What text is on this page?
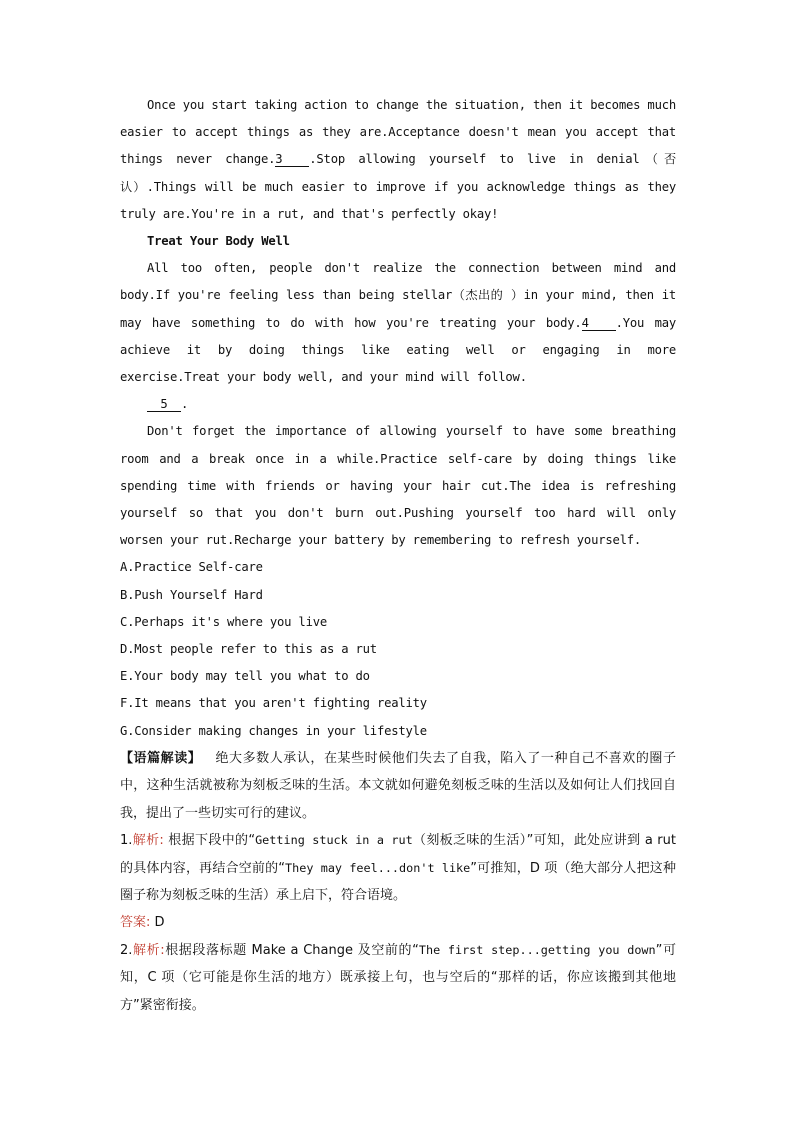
Once you start taking action to change the situation, then it becomes much easier to accept things as they are.Acceptance doesn't mean you accept that things never change.3 .Stop allowing yourself to live in denial（否认）.Things will be much easier to improve if you acknowledge things as they truly are.You're in a rut, and that's perfectly okay!

Treat Your Body Well

All too often, people don't realize the connection between mind and body.If you're feeling less than being stellar（杰出的 ）in your mind, then it may have something to do with how you're treating your body.4 .You may achieve it by doing things like eating well or engaging in more exercise.Treat your body well, and your mind will follow.

5 .

Don't forget the importance of allowing yourself to have some breathing room and a break once in a while.Practice self-care by doing things like spending time with friends or having your hair cut.The idea is refreshing yourself so that you don't burn out.Pushing yourself too hard will only worsen your rut.Recharge your battery by remembering to refresh yourself.

A.Practice Self-care

B.Push Yourself Hard

C.Perhaps it's where you live

D.Most people refer to this as a rut

E.Your body may tell you what to do

F.It means that you aren't fighting reality

G.Consider making changes in your lifestyle

【语篇解读】 绝大多数人承认，在某些时候他们失去了自我，陷入了一种自己不喜欢的圈子中，这种生活就被称为刻板乏味的生活。本文就如何避免刻板乏味的生活以及如何让人们找回自我，提出了一些切实可行的建议。

1.解析: 根据下段中的“Getting stuck in a rut（刻板乏味的生活）”可知，此处应讲到 a rut 的具体内容，再结合空前的“They may feel...don't like”可推知，D 项（绝大部分人把这种圈子称为刻板乏味的生活）承上启下，符合语境。

答案: D

2.解析:根据段落标题 Make a Change 及空前的“The first step...getting you down”可知，C 项（它可能是你生活的地方）既承接上句，也与空后的“那样的话，你应该搬到其他地方”紧密衔接。
